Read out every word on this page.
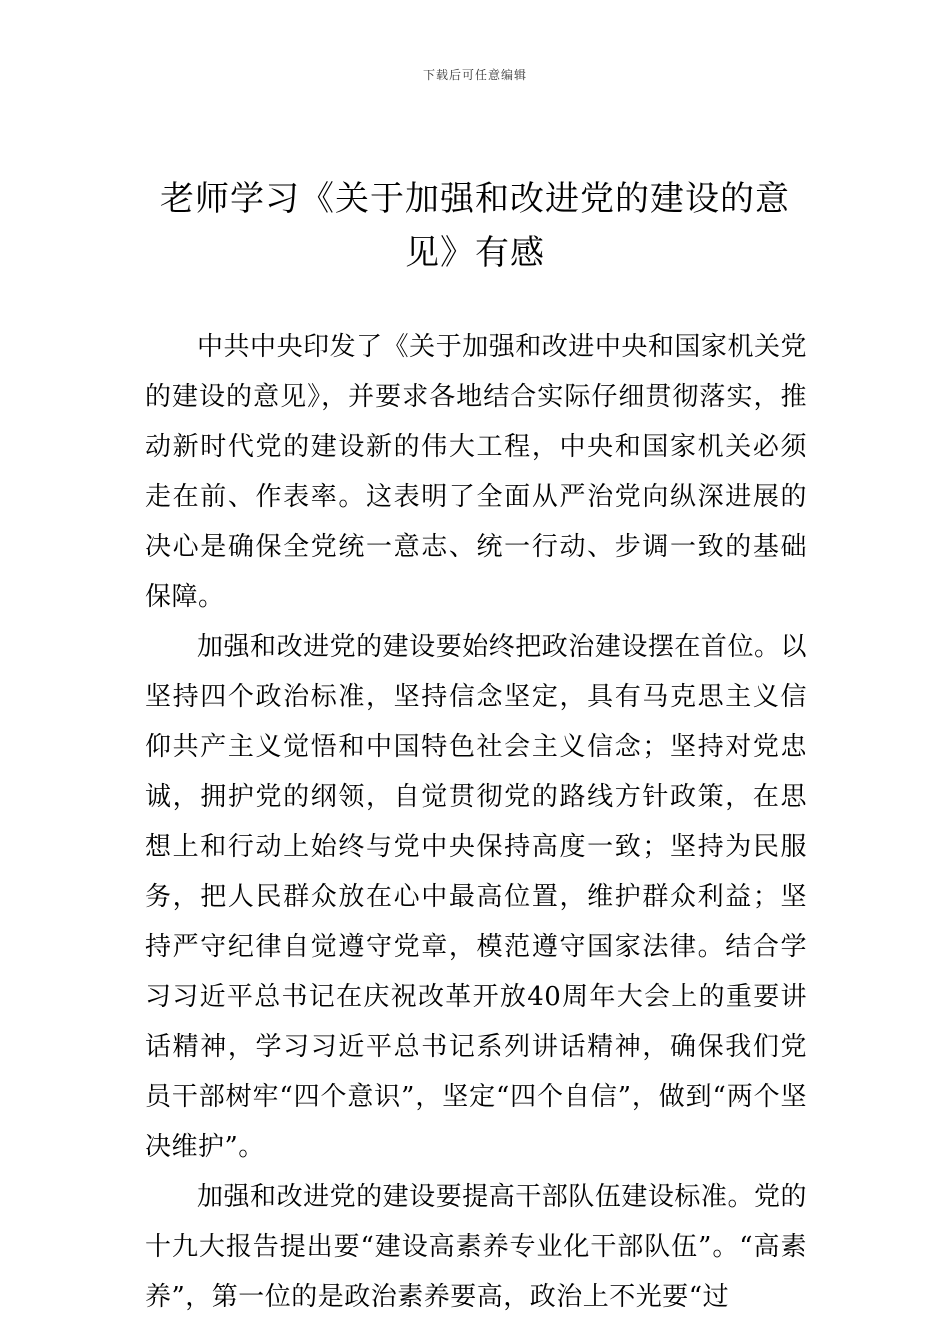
下载后可任意编辑
老师学习《关于加强和改进党的建设的意见》有感

中共中央印发了《关于加强和改进中央和国家机关党的建设的意见》，并要求各地结合实际仔细贯彻落实，推动新时代党的建设新的伟大工程，中央和国家机关必须走在前、作表率。这表明了全面从严治党向纵深进展的决心是确保全党统一意志、统一行动、步调一致的基础保障。

加强和改进党的建设要始终把政治建设摆在首位。以坚持四个政治标准，坚持信念坚定，具有马克思主义信仰共产主义觉悟和中国特色社会主义信念；坚持对党忠诚，拥护党的纲领，自觉贯彻党的路线方针政策，在思想上和行动上始终与党中央保持高度一致；坚持为民服务，把人民群众放在心中最高位置，维护群众利益；坚持严守纪律自觉遵守党章，模范遵守国家法律。结合学习习近平总书记在庆祝改革开放40周年大会上的重要讲话精神，学习习近平总书记系列讲话精神，确保我们党员干部树牢“四个意识”，坚定“四个自信”，做到“两个坚决维护”。

加强和改进党的建设要提高干部队伍建设标准。党的十九大报告提出要“建设高素养专业化干部队伍”。“高素养”，第一位的是政治素养要高，政治上不光要“过
